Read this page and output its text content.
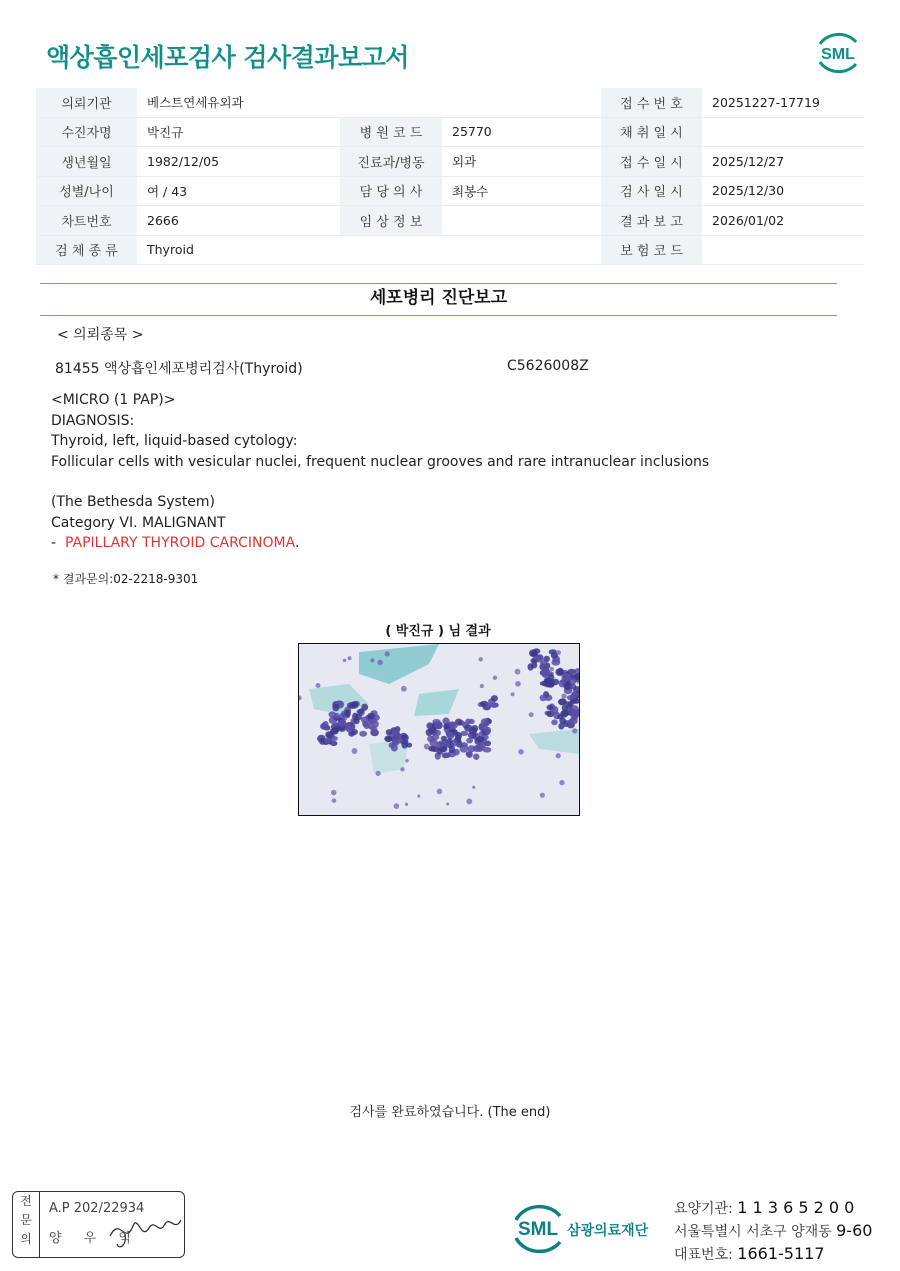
액상흡인세포검사 검사결과보고서	SML
의뢰기관	베스트연세유외과			접 수 번 호	20251227-17719
수진자명	박진규	병 원 코 드	25770	채 취 일 시	
생년월일	1982/12/05	진료과/병동	외과	접 수 일 시	2025/12/27
성별/나이	여 / 43	담 당 의 사	최봉수	검 사 일 시	2025/12/30
차트번호	2666	임 상 정 보		결 과 보 고	2026/01/02
검 체 종 류	Thyroid			보 험 코 드	
세포병리 진단보고
< 의뢰종목 >
81455 액상흡인세포병리검사(Thyroid)	C5626008Z
<MICRO (1 PAP)>
DIAGNOSIS:
Thyroid, left, liquid-based cytology:
Follicular cells with vesicular nuclei, frequent nuclear grooves and rare intranuclear inclusions
(The Bethesda System)
Category VI. MALIGNANT
- PAPILLARY THYROID CARCINOMA.
* 결과문의:02-2218-9301
( 박진규 ) 님 결과
검사를 완료하였습니다. (The end)
전
문
의
A.P 202/22934
양 우 익	SML 삼광의료재단
요양기관: 1 1 3 6 5 2 0 0
서울특별시 서초구 양재동 9-60
대표번호: 1661-5117
